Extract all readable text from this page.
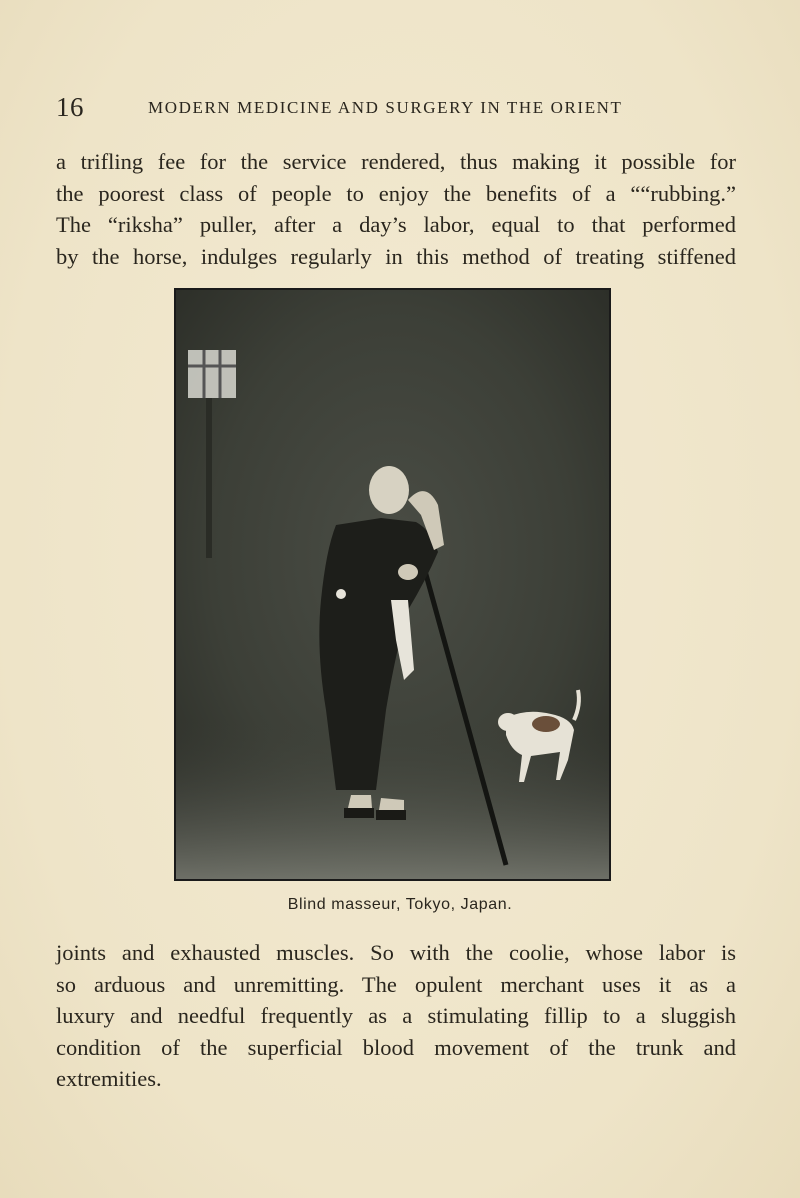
16	MODERN MEDICINE AND SURGERY IN THE ORIENT
a trifling fee for the service rendered, thus making it possible for
the poorest class of people to enjoy the benefits of a ““rubbing.”
The “riksha” puller, after a day’s labor, equal to that performed
by the horse, indulges regularly in this method of treating stiffened
Blind masseur, Tokyo, Japan.
joints and exhausted muscles. So with the coolie, whose labor is
so arduous and unremitting. The opulent merchant uses it as a
luxury and needful frequently as a stimulating fillip to a sluggish
condition of the superficial blood movement of the trunk and
extremities.
